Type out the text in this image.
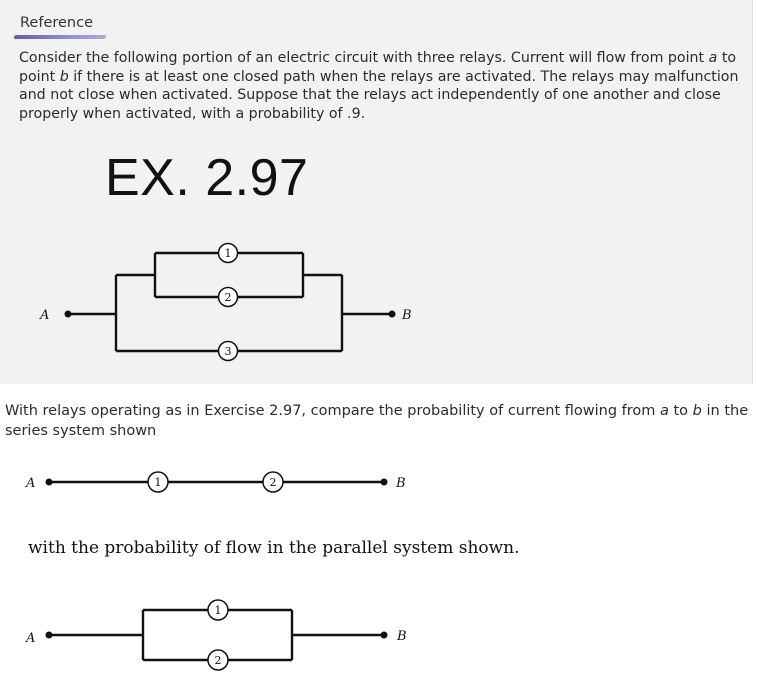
Reference
Consider the following portion of an electric circuit with three relays. Current will flow from point a to point b if there is at least one closed path when the relays are activated. The relays may malfunction and not close when activated. Suppose that the relays act independently of one another and close properly when activated, with a probability of .9.
EX. 2.97
A	B
1
2
3
With relays operating as in Exercise 2.97, compare the probability of current flowing from a to b in the series system shown
A	B
1	2
A	B
1
2
with the probability of flow in the parallel system shown.
